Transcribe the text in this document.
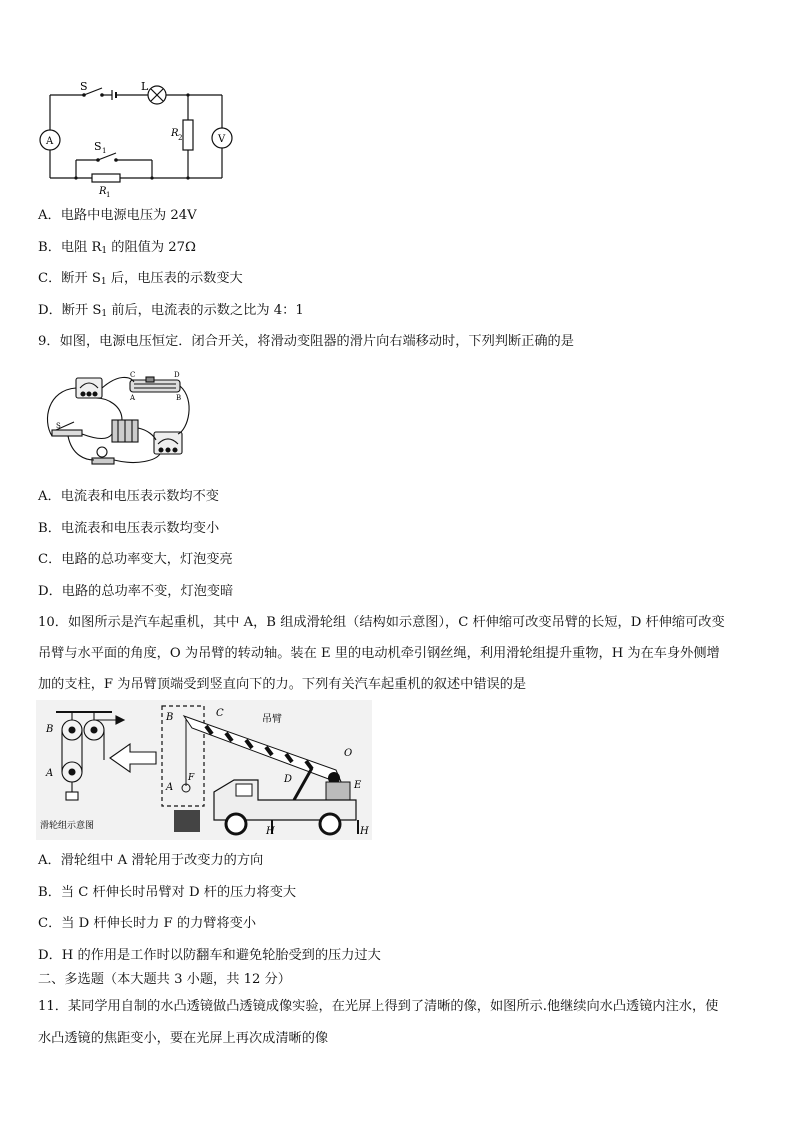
S	L
A	V
R 2
S 1
R 1
A．电路中电源电压为 24V
B．电阻 $R_1$ 的阻值为 27Ω
C．断开 $S_1$ 后，电压表的示数变大
D．断开 $S_1$ 前后，电流表的示数之比为 4：1
9．如图，电源电压恒定．闭合开关，将滑动变阻器的滑片向右端移动时，下列判断正确的是
C	D
A	B
S
A．电流表和电压表示数均不变
B．电流表和电压表示数均变小
C．电路的总功率变大，灯泡变亮
D．电路的总功率不变，灯泡变暗
10．如图所示是汽车起重机，其中 A，B 组成滑轮组（结构如示意图），C 杆伸缩可改变吊臂的长短，D 杆伸缩可改变
吊臂与水平面的角度，O 为吊臂的转动轴。装在 E 里的电动机牵引钢丝绳，利用滑轮组提升重物，H 为在车身外侧增
加的支柱，F 为吊臂顶端受到竖直向下的力。下列有关汽车起重机的叙述中错误的是
B
A
滑轮组示意图
B
A
F
C
吊臂
O
D
E
H	H
A．滑轮组中 A 滑轮用于改变力的方向
B．当 C 杆伸长时吊臂对 D 杆的压力将变大
C．当 D 杆伸长时力 F 的力臂将变小
D．H 的作用是工作时以防翻车和避免轮胎受到的压力过大
二、多选题（本大题共 3 小题，共 12 分）
11．某同学用自制的水凸透镜做凸透镜成像实验，在光屏上得到了清晰的像，如图所示.他继续向水凸透镜内注水，使
水凸透镜的焦距变小，要在光屏上再次成清晰的像
